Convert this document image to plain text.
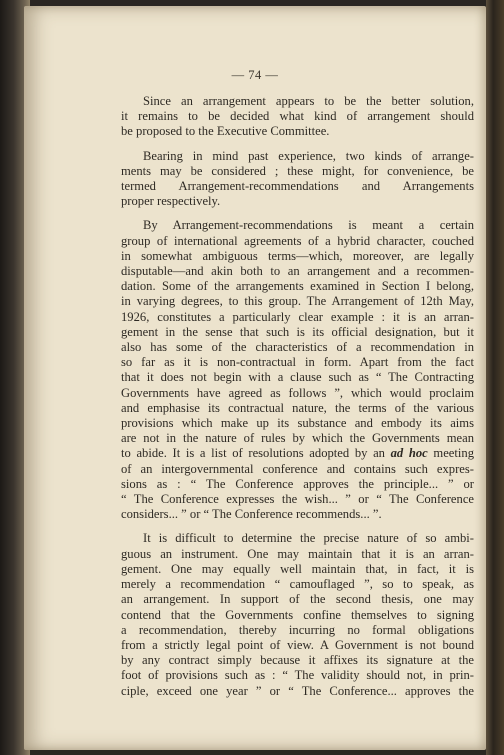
— 74 —
Since an arrangement appears to be the better solution,
it remains to be decided what kind of arrangement should
be proposed to the Executive Committee.
Bearing in mind past experience, two kinds of arrange-
ments may be considered ; these might, for convenience, be
termed Arrangement-recommendations and Arrangements
proper respectively.
By Arrangement-recommendations is meant a certain
group of international agreements of a hybrid character, couched
in somewhat ambiguous terms—which, moreover, are legally
disputable—and akin both to an arrangement and a recommen-
dation. Some of the arrangements examined in Section I belong,
in varying degrees, to this group. The Arrangement of 12th May,
1926, constitutes a particularly clear example : it is an arran-
gement in the sense that such is its official designation, but it
also has some of the characteristics of a recommendation in
so far as it is non-contractual in form. Apart from the fact
that it does not begin with a clause such as “ The Contracting
Governments have agreed as follows ”, which would proclaim
and emphasise its contractual nature, the terms of the various
provisions which make up its substance and embody its aims
are not in the nature of rules by which the Governments mean
to abide. It is a list of resolutions adopted by an ad hoc meeting
of an intergovernmental conference and contains such expres-
sions as : “ The Conference approves the principle... ” or
“ The Conference expresses the wish... ” or “ The Conference
considers... ” or “ The Conference recommends... ”.
It is difficult to determine the precise nature of so ambi-
guous an instrument. One may maintain that it is an arran-
gement. One may equally well maintain that, in fact, it is
merely a recommendation “ camouflaged ”, so to speak, as
an arrangement. In support of the second thesis, one may
contend that the Governments confine themselves to signing
a recommendation, thereby incurring no formal obligations
from a strictly legal point of view. A Government is not bound
by any contract simply because it affixes its signature at the
foot of provisions such as : “ The validity should not, in prin-
ciple, exceed one year ” or “ The Conference... approves the
